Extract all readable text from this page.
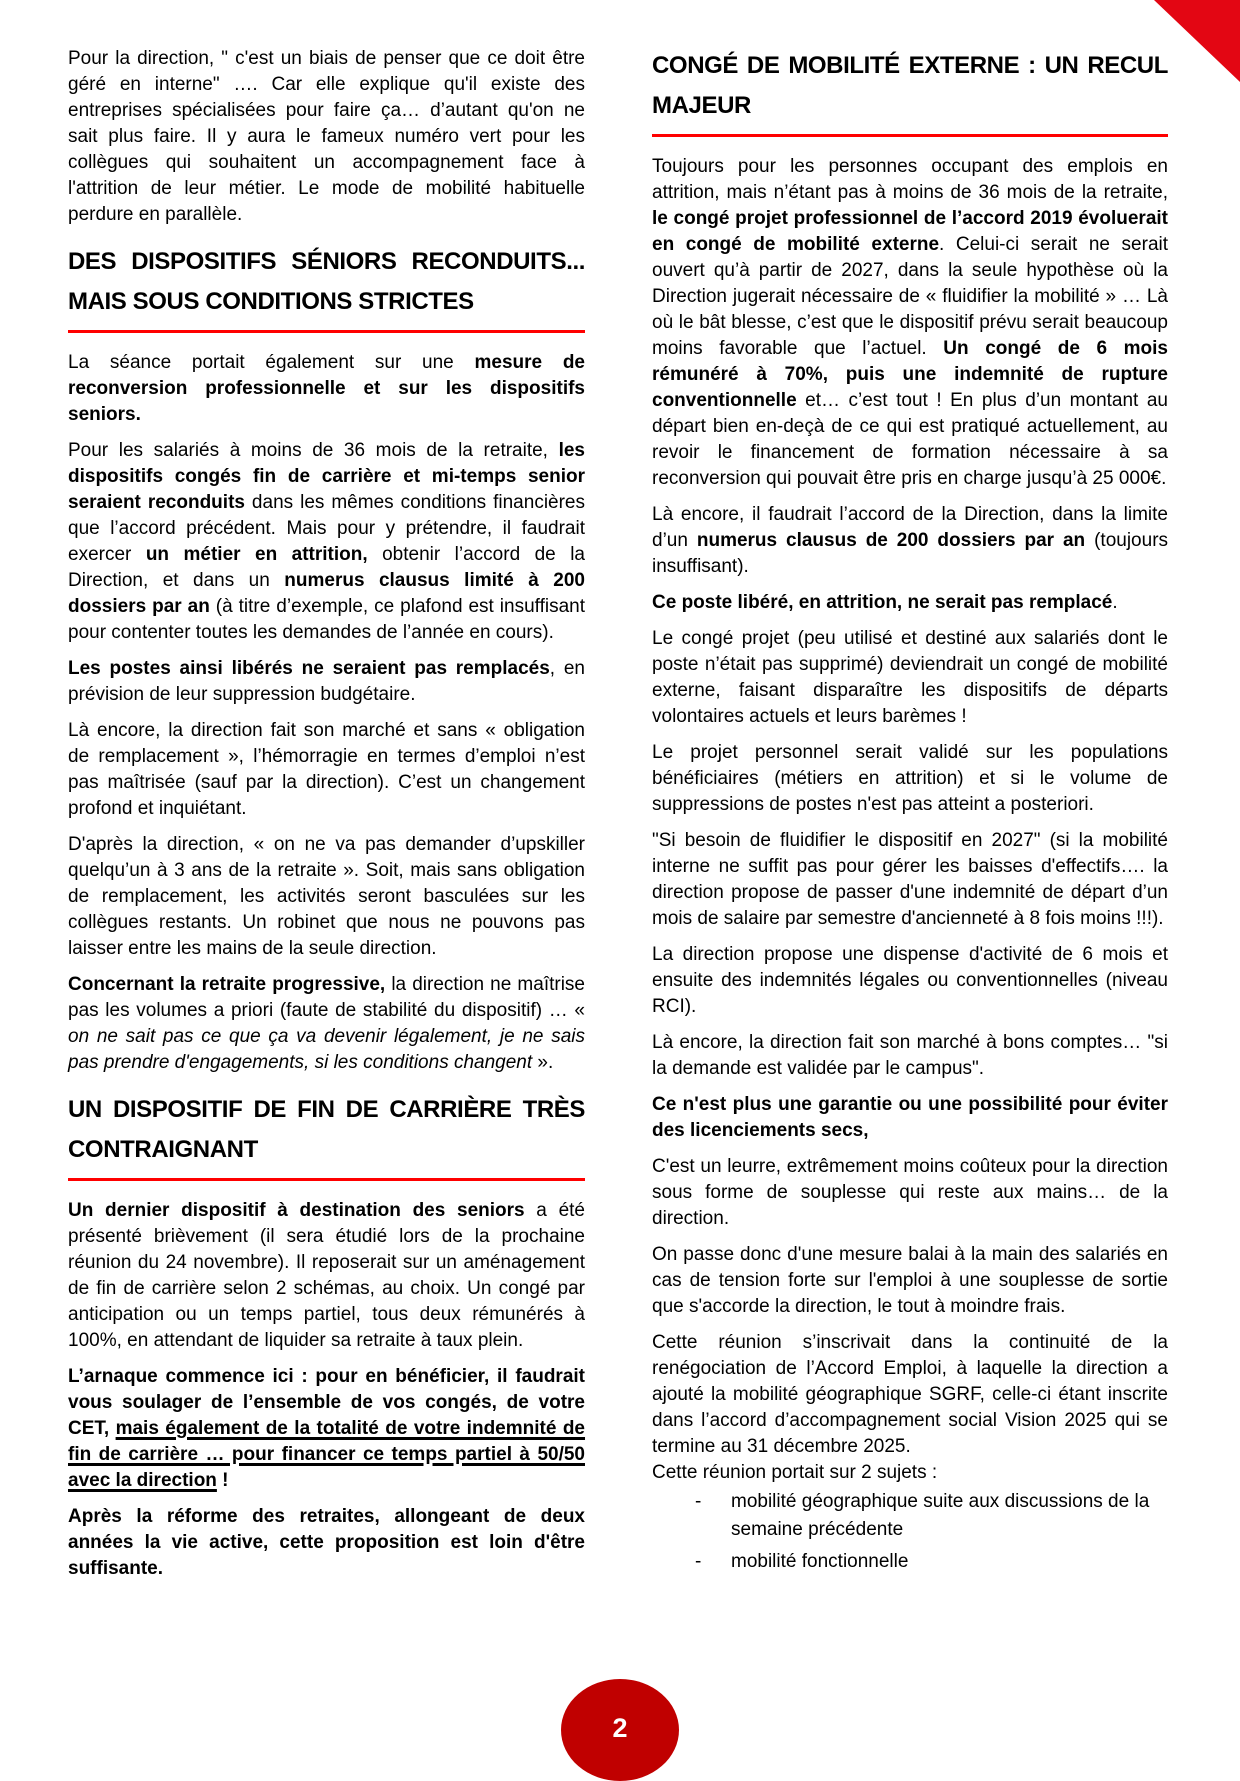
Pour la direction, " c'est un biais de penser que ce doit être géré en interne" …. Car elle explique qu'il existe des entreprises spécialisées pour faire ça… d’autant qu'on ne sait plus faire. Il y aura le fameux numéro vert pour les collègues qui souhaitent un accompagnement face à l'attrition de leur métier. Le mode de mobilité habituelle perdure en parallèle.

DES DISPOSITIFS SÉNIORS RECONDUITS...
MAIS SOUS CONDITIONS STRICTES

La séance portait également sur une mesure de reconversion professionnelle et sur les dispositifs seniors.

Pour les salariés à moins de 36 mois de la retraite, les dispositifs congés fin de carrière et mi-temps senior seraient reconduits dans les mêmes conditions financières que l’accord précédent. Mais pour y prétendre, il faudrait exercer un métier en attrition, obtenir l’accord de la Direction, et dans un numerus clausus limité à 200 dossiers par an (à titre d’exemple, ce plafond est insuffisant pour contenter toutes les demandes de l’année en cours).

Les postes ainsi libérés ne seraient pas remplacés, en prévision de leur suppression budgétaire.

Là encore, la direction fait son marché et sans « obligation de remplacement », l’hémorragie en termes d’emploi n’est pas maîtrisée (sauf par la direction). C’est un changement profond et inquiétant.

D'après la direction, « on ne va pas demander d’upskiller quelqu’un à 3 ans de la retraite ». Soit, mais sans obligation de remplacement, les activités seront basculées sur les collègues restants. Un robinet que nous ne pouvons pas laisser entre les mains de la seule direction.

Concernant la retraite progressive, la direction ne maîtrise pas les volumes a priori (faute de stabilité du dispositif) … « on ne sait pas ce que ça va devenir légalement, je ne sais pas prendre d'engagements, si les conditions changent ».

UN DISPOSITIF DE FIN DE CARRIÈRE TRÈS
CONTRAIGNANT

Un dernier dispositif à destination des seniors a été présenté brièvement (il sera étudié lors de la prochaine réunion du 24 novembre). Il reposerait sur un aménagement de fin de carrière selon 2 schémas, au choix. Un congé par anticipation ou un temps partiel, tous deux rémunérés à 100%, en attendant de liquider sa retraite à taux plein.

L’arnaque commence ici : pour en bénéficier, il faudrait vous soulager de l’ensemble de vos congés, de votre CET, mais également de la totalité de votre indemnité de fin de carrière … pour financer ce temps partiel à 50/50 avec la direction !

Après la réforme des retraites, allongeant de deux années la vie active, cette proposition est loin d'être suffisante.

CONGÉ DE MOBILITÉ EXTERNE : UN RECUL
MAJEUR

Toujours pour les personnes occupant des emplois en attrition, mais n’étant pas à moins de 36 mois de la retraite, le congé projet professionnel de l’accord 2019 évoluerait en congé de mobilité externe. Celui-ci serait ne serait ouvert qu’à partir de 2027, dans la seule hypothèse où la Direction jugerait nécessaire de « fluidifier la mobilité » … Là où le bât blesse, c’est que le dispositif prévu serait beaucoup moins favorable que l’actuel. Un congé de 6 mois rémunéré à 70%, puis une indemnité de rupture conventionnelle et… c’est tout ! En plus d’un montant au départ bien en-deçà de ce qui est pratiqué actuellement, au revoir le financement de formation nécessaire à sa reconversion qui pouvait être pris en charge jusqu’à 25 000€.

Là encore, il faudrait l’accord de la Direction, dans la limite d’un numerus clausus de 200 dossiers par an (toujours insuffisant).

Ce poste libéré, en attrition, ne serait pas remplacé.

Le congé projet (peu utilisé et destiné aux salariés dont le poste n’était pas supprimé) deviendrait un congé de mobilité externe, faisant disparaître les dispositifs de départs volontaires actuels et leurs barèmes !

Le projet personnel serait validé sur les populations bénéficiaires (métiers en attrition) et si le volume de suppressions de postes n'est pas atteint a posteriori.

"Si besoin de fluidifier le dispositif en 2027" (si la mobilité interne ne suffit pas pour gérer les baisses d'effectifs…. la direction propose de passer d'une indemnité de départ d’un mois de salaire par semestre d'ancienneté à 8 fois moins !!!).

La direction propose une dispense d'activité de 6 mois et ensuite des indemnités légales ou conventionnelles (niveau RCI).

Là encore, la direction fait son marché à bons comptes… "si la demande est validée par le campus".

Ce n'est plus une garantie ou une possibilité pour éviter des licenciements secs,

C'est un leurre, extrêmement moins coûteux pour la direction sous forme de souplesse qui reste aux mains… de la direction.

On passe donc d'une mesure balai à la main des salariés en cas de tension forte sur l'emploi à une souplesse de sortie que s'accorde la direction, le tout à moindre frais.

Cette réunion s’inscrivait dans la continuité de la renégociation de l’Accord Emploi, à laquelle la direction a ajouté la mobilité géographique SGRF, celle-ci étant inscrite dans l’accord d’accompagnement social Vision 2025 qui se termine au 31 décembre 2025.

Cette réunion portait sur 2 sujets :

- mobilité géographique suite aux discussions de la semaine précédente
- mobilité fonctionnelle
2
